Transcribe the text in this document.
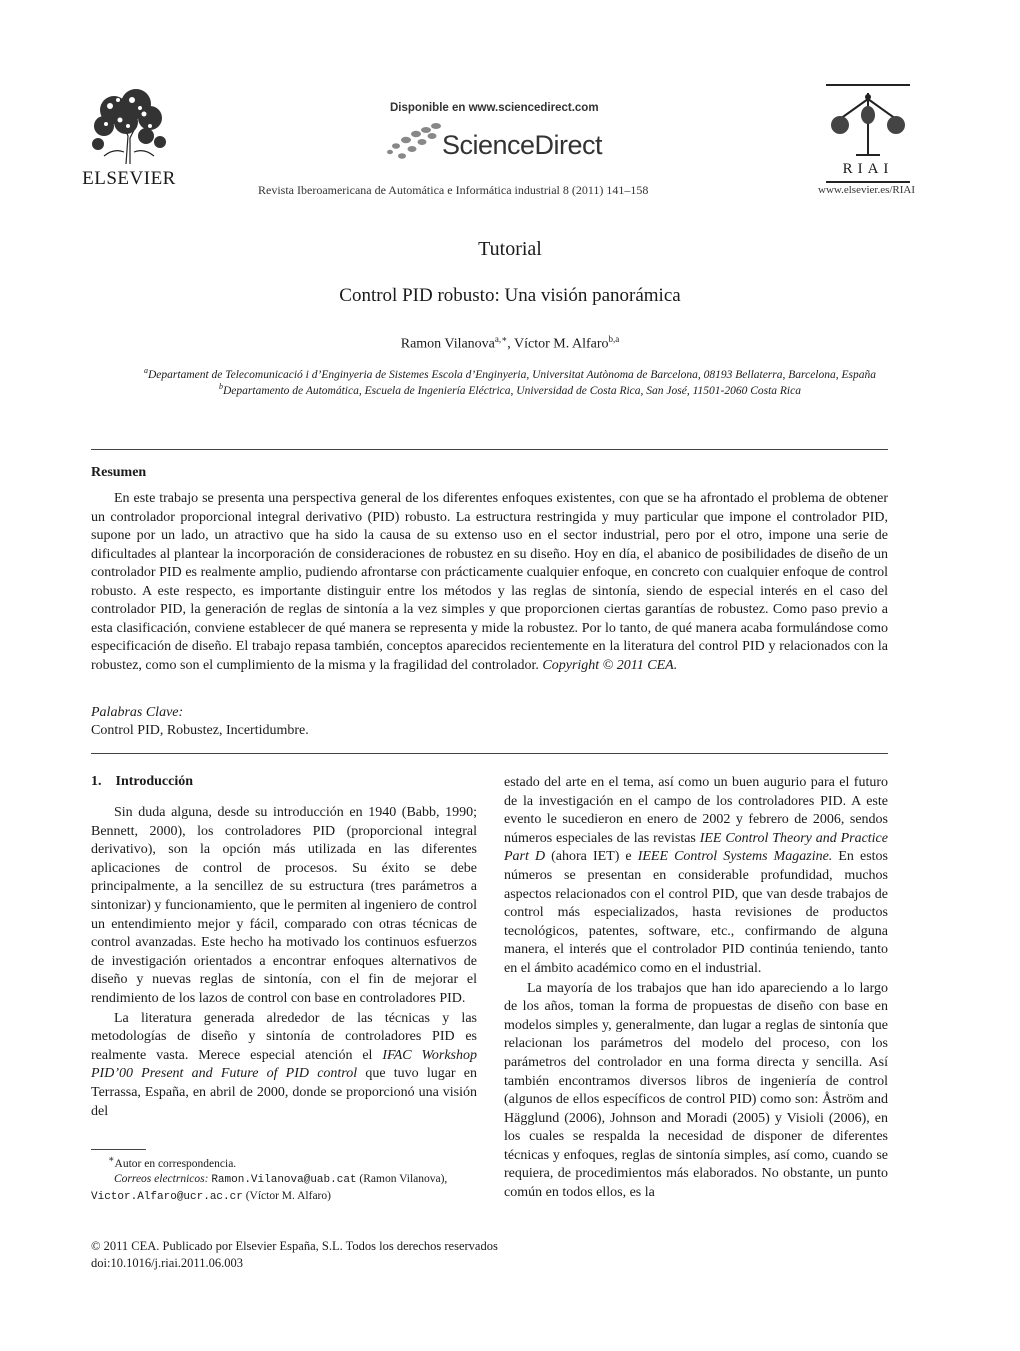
ELSEVIER
Disponible en www.sciencedirect.com
ScienceDirect
Revista Iberoamericana de Automática e Informática industrial 8 (2011) 141–158
RIAI
www.elsevier.es/RIAI
Tutorial
Control PID robusto: Una visión panorámica
Ramon Vilanova$^{a,∗}$, Víctor M. Alfaro$^{b,a}$
$^a$Departament de Telecomunicació i d’Enginyeria de Sistemes Escola d’Enginyeria, Universitat Autònoma de Barcelona, 08193 Bellaterra, Barcelona, España
$^b$Departamento de Automática, Escuela de Ingeniería Eléctrica, Universidad de Costa Rica, San José, 11501-2060 Costa Rica
Resumen
En este trabajo se presenta una perspectiva general de los diferentes enfoques existentes, con que se ha afrontado el problema de obtener un controlador proporcional integral derivativo (PID) robusto. La estructura restringida y muy particular que impone el controlador PID, supone por un lado, un atractivo que ha sido la causa de su extenso uso en el sector industrial, pero por el otro, impone una serie de dificultades al plantear la incorporación de consideraciones de robustez en su diseño. Hoy en día, el abanico de posibilidades de diseño de un controlador PID es realmente amplio, pudiendo afrontarse con prácticamente cualquier enfoque, en concreto con cualquier enfoque de control robusto. A este respecto, es importante distinguir entre los métodos y las reglas de sintonía, siendo de especial interés en el caso del controlador PID, la generación de reglas de sintonía a la vez simples y que proporcionen ciertas garantías de robustez. Como paso previo a esta clasificación, conviene establecer de qué manera se representa y mide la robustez. Por lo tanto, de qué manera acaba formulándose como especificación de diseño. El trabajo repasa también, conceptos aparecidos recientemente en la literatura del control PID y relacionados con la robustez, como son el cumplimiento de la misma y la fragilidad del controlador. Copyright © 2011 CEA.
Palabras Clave:
Control PID, Robustez, Incertidumbre.
1. Introducción

Sin duda alguna, desde su introducción en 1940 (Babb, 1990; Bennett, 2000), los controladores PID (proporcional integral derivativo), son la opción más utilizada en las diferentes aplicaciones de control de procesos. Su éxito se debe principalmente, a la sencillez de su estructura (tres parámetros a sintonizar) y funcionamiento, que le permiten al ingeniero de control un entendimiento mejor y fácil, comparado con otras técnicas de control avanzadas. Este hecho ha motivado los continuos esfuerzos de investigación orientados a encontrar enfoques alternativos de diseño y nuevas reglas de sintonía, con el fin de mejorar el rendimiento de los lazos de control con base en controladores PID.

La literatura generada alrededor de las técnicas y las metodologías de diseño y sintonía de controladores PID es realmente vasta. Merece especial atención el IFAC Workshop PID’00 Present and Future of PID control que tuvo lugar en Terrassa, España, en abril de 2000, donde se proporcionó una visión del

estado del arte en el tema, así como un buen augurio para el futuro de la investigación en el campo de los controladores PID. A este evento le sucedieron en enero de 2002 y febrero de 2006, sendos números especiales de las revistas IEE Control Theory and Practice Part D (ahora IET) e IEEE Control Systems Magazine. En estos números se presentan en considerable profundidad, muchos aspectos relacionados con el control PID, que van desde trabajos de control más especializados, hasta revisiones de productos tecnológicos, patentes, software, etc., confirmando de alguna manera, el interés que el controlador PID continúa teniendo, tanto en el ámbito académico como en el industrial.

La mayoría de los trabajos que han ido apareciendo a lo largo de los años, toman la forma de propuestas de diseño con base en modelos simples y, generalmente, dan lugar a reglas de sintonía que relacionan los parámetros del modelo del proceso, con los parámetros del controlador en una forma directa y sencilla. Así también encontramos diversos libros de ingeniería de control (algunos de ellos específicos de control PID) como son: Åström and Hägglund (2006), Johnson and Moradi (2005) y Visioli (2006), en los cuales se respalda la necesidad de disponer de diferentes técnicas y enfoques, reglas de sintonía simples, así como, cuando se requiera, de procedimientos más elaborados. No obstante, un punto común en todos ellos, es la

∗Autor en correspondencia.
Correos electrnicos: Ramon.Vilanova@uab.cat (Ramon Vilanova),
Victor.Alfaro@ucr.ac.cr (Víctor M. Alfaro)
© 2011 CEA. Publicado por Elsevier España, S.L. Todos los derechos reservados
doi:10.1016/j.riai.2011.06.003
